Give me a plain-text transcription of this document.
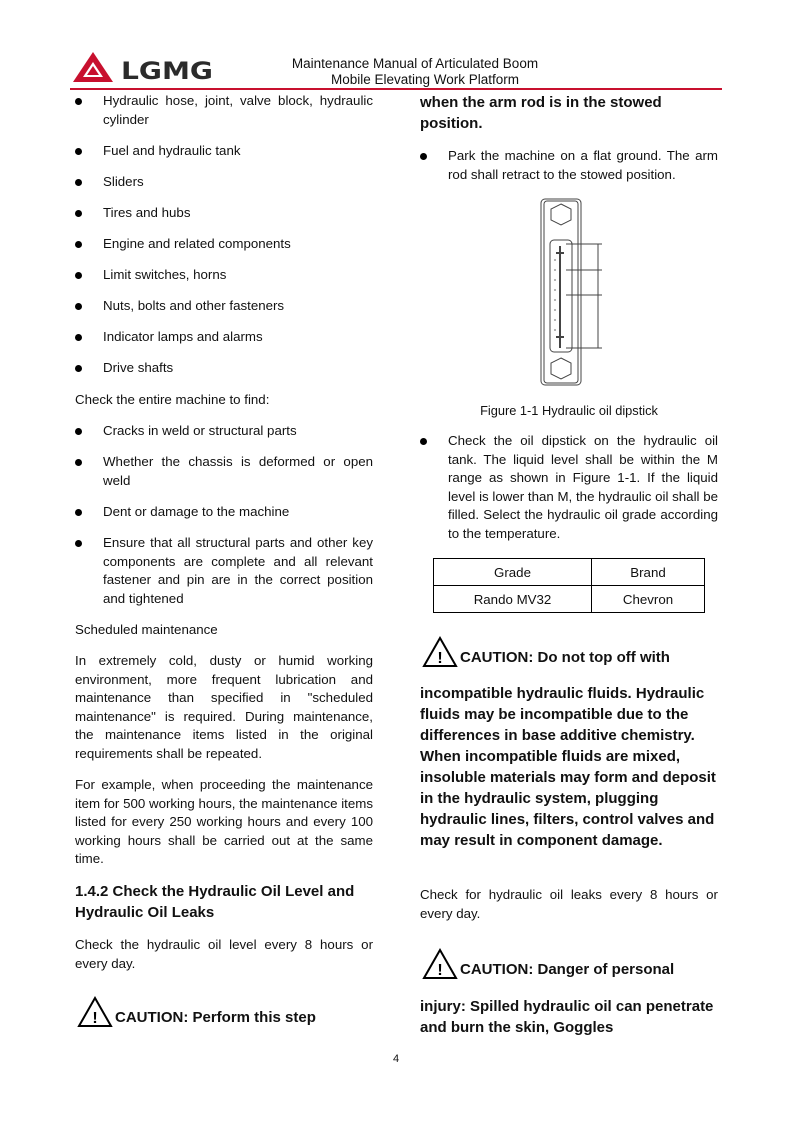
LGMG	Maintenance Manual of Articulated Boom
Mobile Elevating Work Platform
Hydraulic hose, joint, valve block, hydraulic cylinder
Fuel and hydraulic tank
Sliders
Tires and hubs
Engine and related components
Limit switches, horns
Nuts, bolts and other fasteners
Indicator lamps and alarms
Drive shafts
Check the entire machine to find:
Cracks in weld or structural parts
Whether the chassis is deformed or open weld
Dent or damage to the machine
Ensure that all structural parts and other key components are complete and all relevant fastener and pin are in the correct position and tightened
Scheduled maintenance
In extremely cold, dusty or humid working environment, more frequent lubrication and maintenance than specified in "scheduled maintenance" is required. During maintenance, the maintenance items listed in the original requirements shall be repeated.
For example, when proceeding the maintenance item for 500 working hours, the maintenance items listed for every 250 working hours and every 100 working hours shall be carried out at the same time.
1.4.2 Check the Hydraulic Oil Level and Hydraulic Oil Leaks
Check the hydraulic oil level every 8 hours or every day.
! CAUTION: Perform this step
when the arm rod is in the stowed position.
Park the machine on a flat ground. The arm rod shall retract to the stowed position.
Figure 1-1 Hydraulic oil dipstick
Check the oil dipstick on the hydraulic oil tank. The liquid level shall be within the M range as shown in Figure 1-1. If the liquid level is lower than M, the hydraulic oil shall be filled. Select the hydraulic oil grade according to the temperature.
Grade	Brand
Rando MV32	Chevron
! CAUTION: Do not top off with
incompatible hydraulic fluids. Hydraulic fluids may be incompatible due to the differences in base additive chemistry. When incompatible fluids are mixed, insoluble materials may form and deposit in the hydraulic system, plugging hydraulic lines, filters, control valves and may result in component damage.
Check for hydraulic oil leaks every 8 hours or every day.
! CAUTION: Danger of personal
injury: Spilled hydraulic oil can penetrate and burn the skin, Goggles
4
